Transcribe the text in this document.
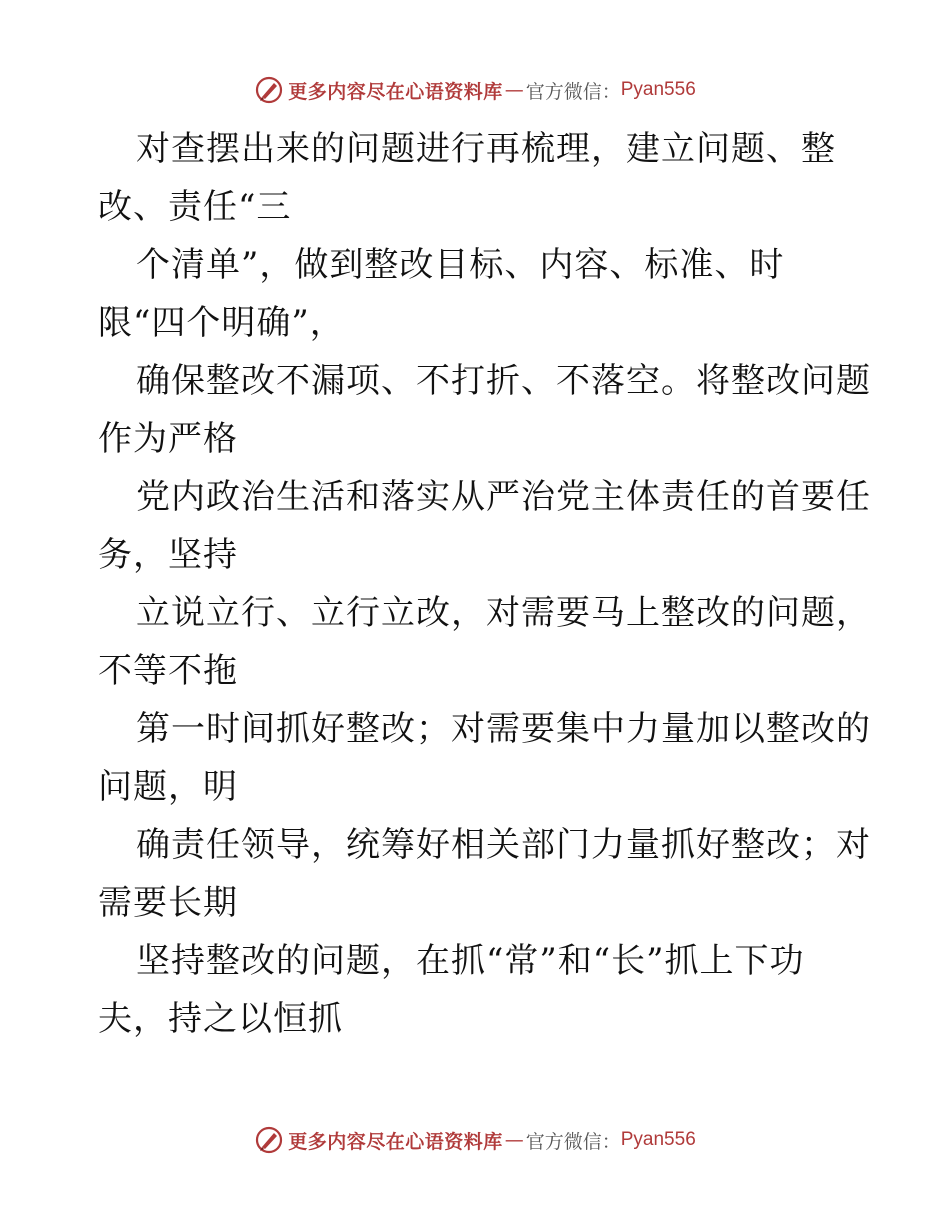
更多内容尽在心语资料库 — 官方微信： Pyan556
对查摆出来的问题进行再梳理，建立问题、整
改、责任“三
个清单”，做到整改目标、内容、标准、时
限“四个明确”，
确保整改不漏项、不打折、不落空。将整改问题
作为严格
党内政治生活和落实从严治党主体责任的首要任
务，坚持
立说立行、立行立改，对需要马上整改的问题，
不等不拖
第一时间抓好整改；对需要集中力量加以整改的
问题，明
确责任领导，统筹好相关部门力量抓好整改；对
需要长期
坚持整改的问题，在抓“常”和“长”抓上下功
夫，持之以恒抓
更多内容尽在心语资料库 — 官方微信： Pyan556
